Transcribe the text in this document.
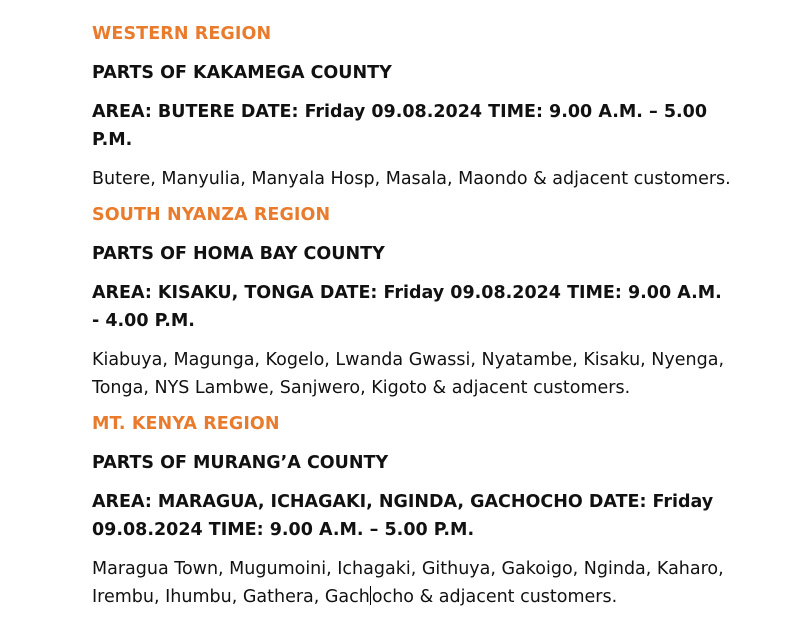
WESTERN REGION
PARTS OF KAKAMEGA COUNTY
AREA: BUTERE DATE: Friday 09.08.2024 TIME: 9.00 A.M. – 5.00 P.M.
Butere, Manyulia, Manyala Hosp, Masala, Maondo & adjacent customers.
SOUTH NYANZA REGION
PARTS OF HOMA BAY COUNTY
AREA: KISAKU, TONGA DATE: Friday 09.08.2024 TIME: 9.00 A.M. - 4.00 P.M.
Kiabuya, Magunga, Kogelo, Lwanda Gwassi, Nyatambe, Kisaku, Nyenga, Tonga, NYS Lambwe, Sanjwero, Kigoto & adjacent customers.
MT. KENYA REGION
PARTS OF MURANG’A COUNTY
AREA: MARAGUA, ICHAGAKI, NGINDA, GACHOCHO DATE: Friday 09.08.2024 TIME: 9.00 A.M. – 5.00 P.M.
Maragua Town, Mugumoini, Ichagaki, Githuya, Gakoigo, Nginda, Kaharo, Irembu, Ihumbu, Gathera, Gach ocho & adjacent customers.
